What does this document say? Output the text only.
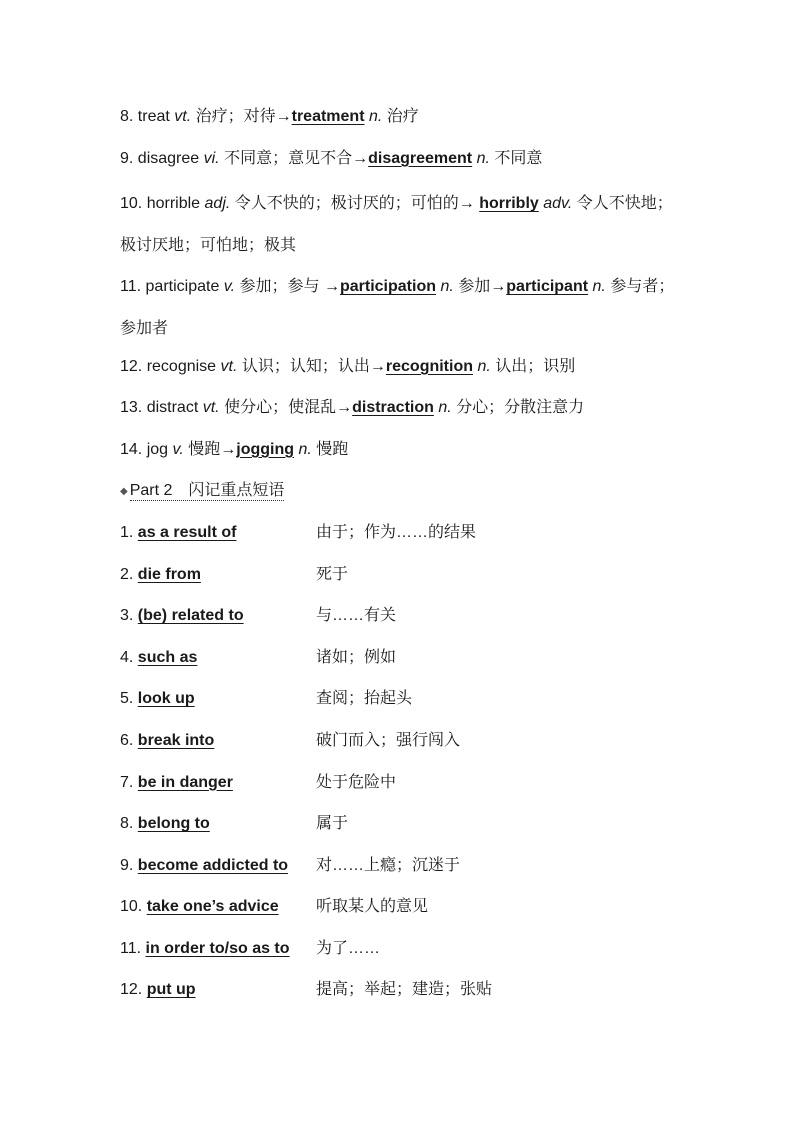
8. treat vt. 治疗；对待→treatment n. 治疗
9. disagree vi. 不同意；意见不合→disagreement n. 不同意
10. horrible adj. 令人不快的；极讨厌的；可怕的→ horribly adv. 令人不快地；极讨厌地；可怕地；极其
11. participate v. 参加；参与 →participation n. 参加→participant n. 参与者；参加者
12. recognise vt. 认识；认知；认出→recognition n. 认出；识别
13. distract vt. 使分心；使混乱→distraction n. 分心；分散注意力
14. jog v. 慢跑→jogging n. 慢跑
◆ Part 2　闪记重点短语
1. as a result of	由于；作为……的结果
2. die from	死于
3. (be) related to	与……有关
4. such as	诸如；例如
5. look up	查阅；抬起头
6. break into	破门而入；强行闯入
7. be in danger	处于危险中
8. belong to	属于
9. become addicted to	对……上瘾；沉迷于
10. take one’s advice	听取某人的意见
11. in order to/so as to	为了……
12. put up	提高；举起；建造；张贴
